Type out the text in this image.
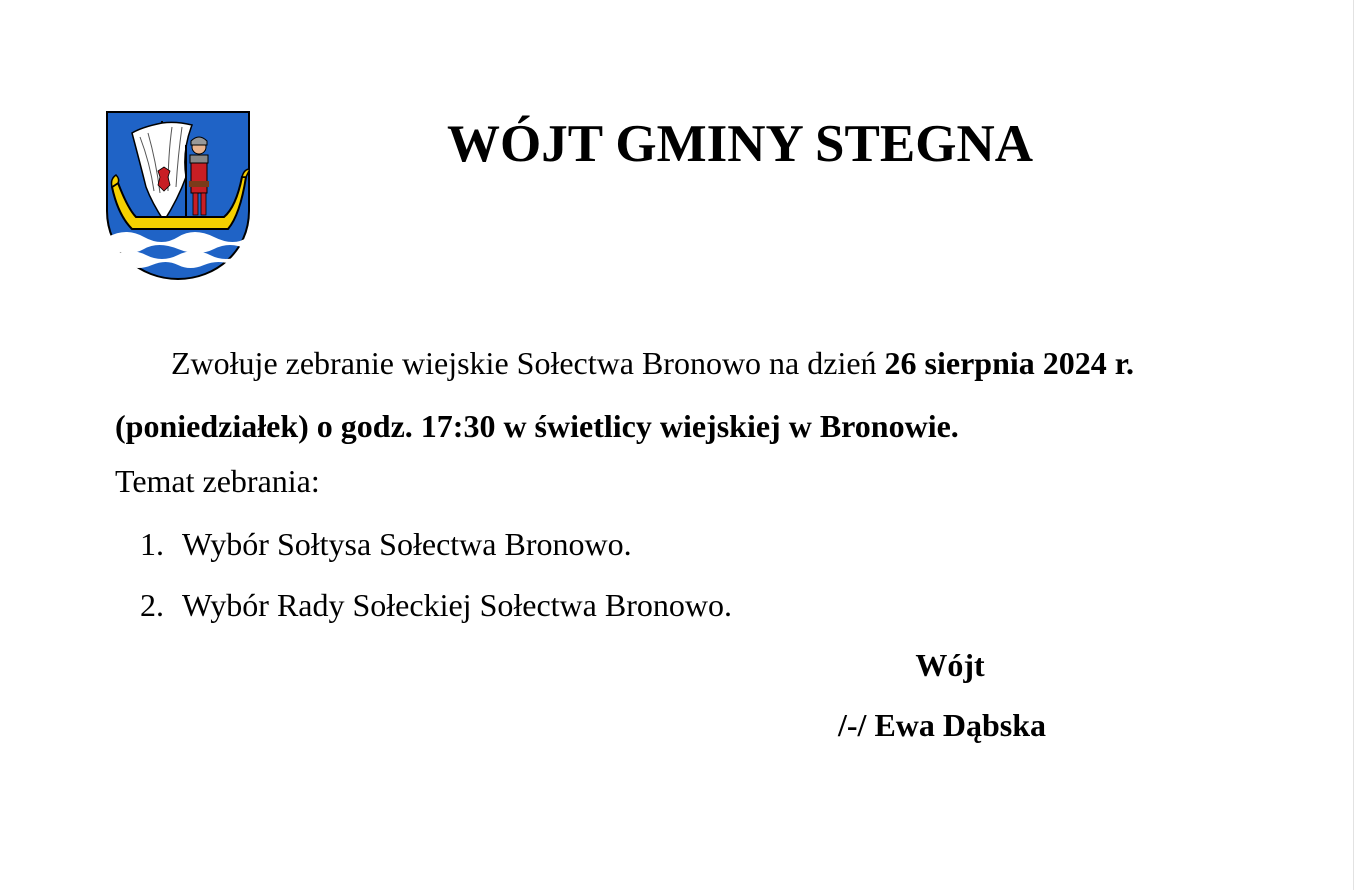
WÓJT GMINY STEGNA

Zwołuje zebranie wiejskie Sołectwa Bronowo na dzień 26 sierpnia 2024 r. (poniedziałek) o godz. 17:30 w świetlicy wiejskiej w Bronowie.

Temat zebrania:

1. Wybór Sołtysa Sołectwa Bronowo.
2. Wybór Rady Sołeckiej Sołectwa Bronowo.
Wójt
/-/ Ewa Dąbska
